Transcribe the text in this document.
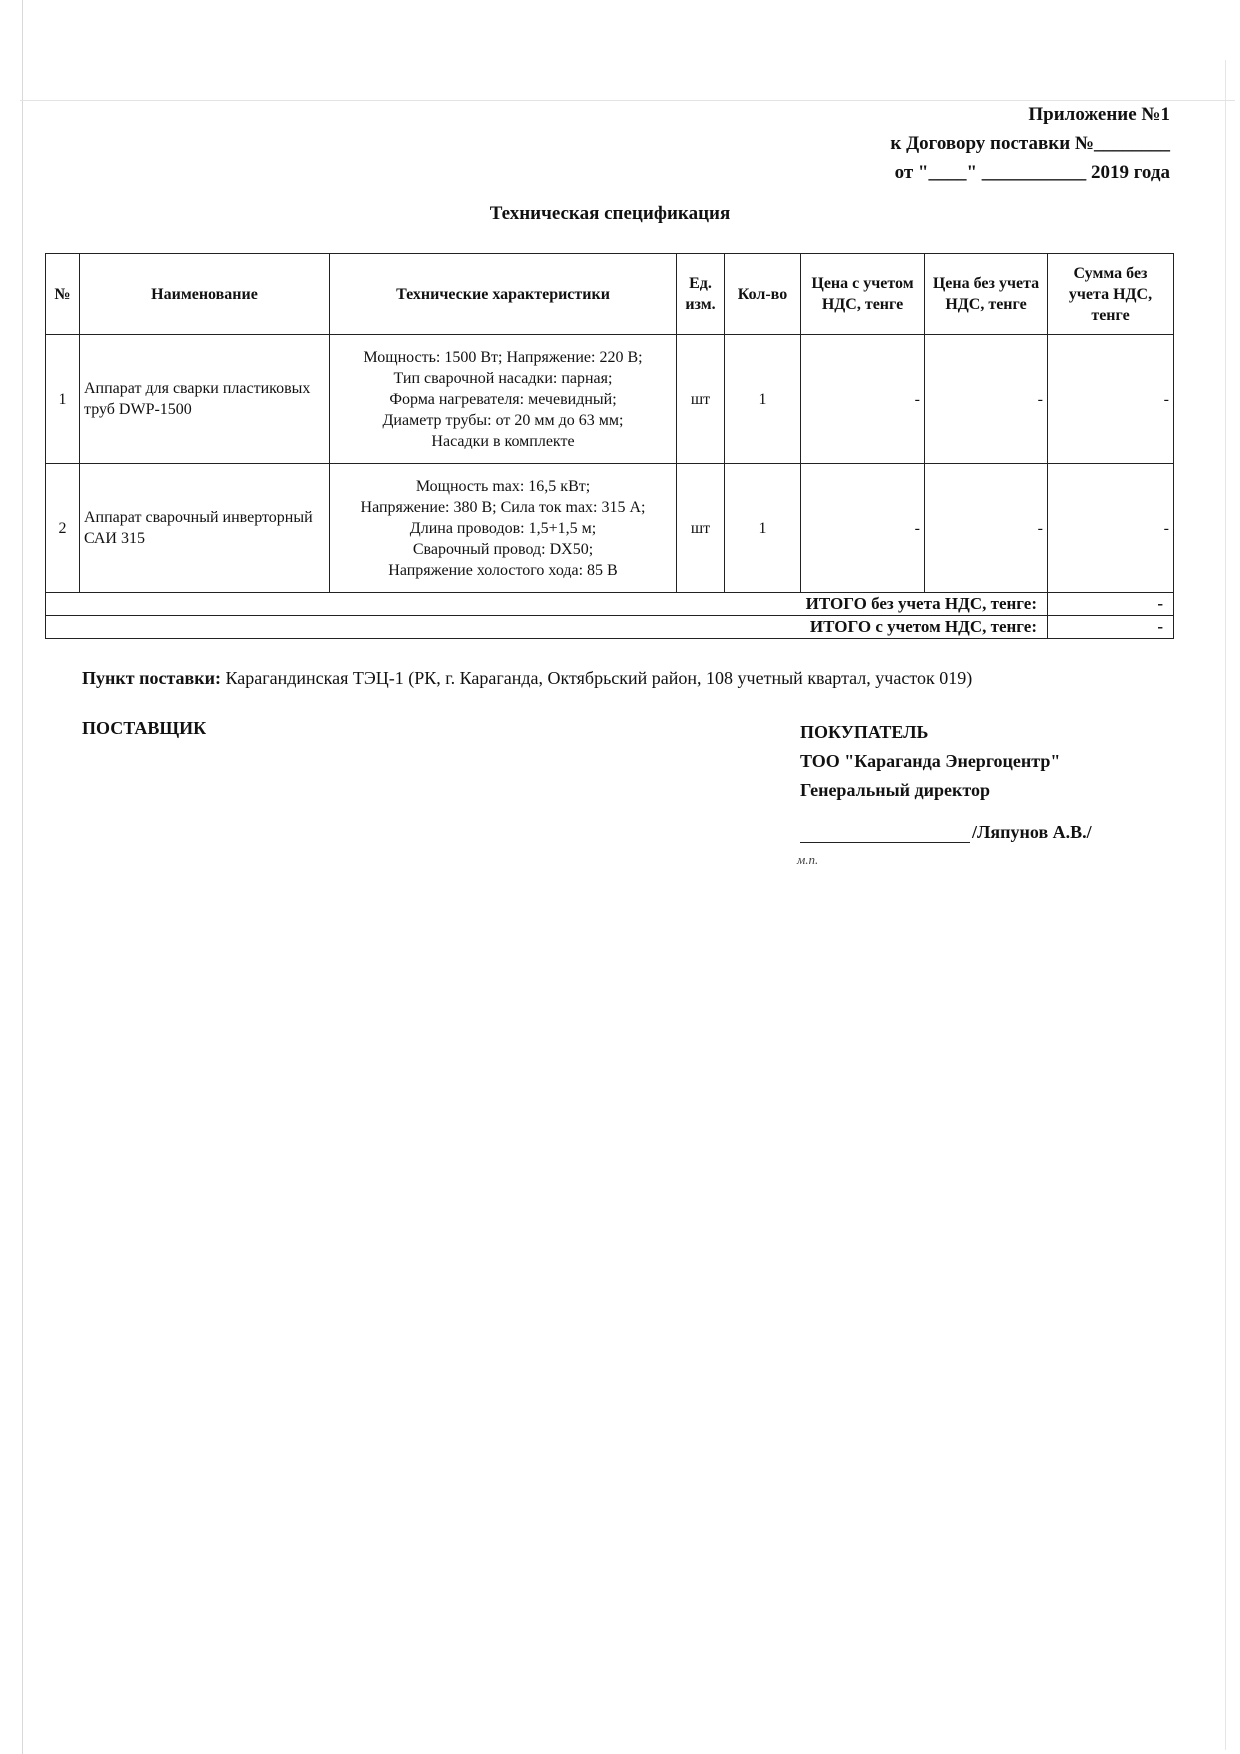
Приложение №1
к Договору поставки №________
от "____" ___________ 2019 года
Техническая спецификация
№	Наименование	Технические характеристики	Ед. изм.	Кол-во	Цена с учетом НДС, тенге	Цена без учета НДС, тенге	Сумма без учета НДС, тенге
1	Аппарат для сварки пластиковых труб DWP-1500	Мощность: 1500 Вт; Напряжение: 220 В;
Тип сварочной насадки: парная;
Форма нагревателя: мечевидный;
Диаметр трубы: от 20 мм до 63 мм;
Насадки в комплекте	шт	1	-	-	-
2	Аппарат сварочный инверторный САИ 315	Мощность max: 16,5 кВт;
Напряжение: 380 В; Сила ток max: 315 А;
Длина проводов: 1,5+1,5 м;
Сварочный провод: DX50;
Напряжение холостого хода: 85 В	шт	1	-	-	-
ИТОГО без учета НДС, тенге:							-
ИТОГО с учетом НДС, тенге:							-
Пункт поставки: Карагандинская ТЭЦ-1 (РК, г. Караганда, Октябрьский район, 108 учетный квартал, участок 019)
ПОСТАВЩИК	ПОКУПАТЕЛЬ
ТОО "Караганда Энергоцентр"
Генеральный директор
/Ляпунов А.В./
м.п.
